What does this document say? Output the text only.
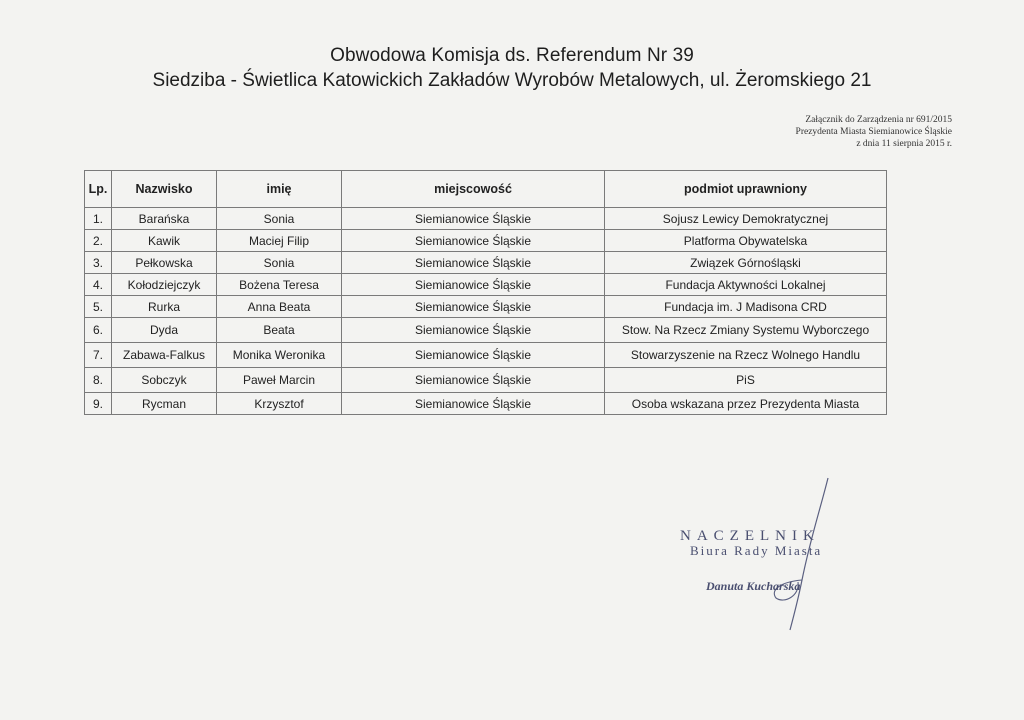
Obwodowa Komisja ds. Referendum Nr 39
Siedziba - Świetlica Katowickich Zakładów Wyrobów Metalowych, ul. Żeromskiego 21
Załącznik do Zarządzenia nr 691/2015
Prezydenta Miasta Siemianowice Śląskie
z dnia 11 sierpnia 2015 r.
Lp.	Nazwisko	imię	miejscowość	podmiot uprawniony
1.	Barańska	Sonia	Siemianowice Śląskie	Sojusz Lewicy Demokratycznej
2.	Kawik	Maciej Filip	Siemianowice Śląskie	Platforma Obywatelska
3.	Pełkowska	Sonia	Siemianowice Śląskie	Związek Górnośląski
4.	Kołodziejczyk	Bożena Teresa	Siemianowice Śląskie	Fundacja Aktywności Lokalnej
5.	Rurka	Anna Beata	Siemianowice Śląskie	Fundacja im. J Madisona CRD
6.	Dyda	Beata	Siemianowice Śląskie	Stow. Na Rzecz Zmiany Systemu Wyborczego
7.	Zabawa-Falkus	Monika Weronika	Siemianowice Śląskie	Stowarzyszenie na Rzecz Wolnego Handlu
8.	Sobczyk	Paweł Marcin	Siemianowice Śląskie	PiS
9.	Rycman	Krzysztof	Siemianowice Śląskie	Osoba wskazana przez Prezydenta Miasta
NACZELNIK
Biura Rady Miasta
Danuta Kucharska
